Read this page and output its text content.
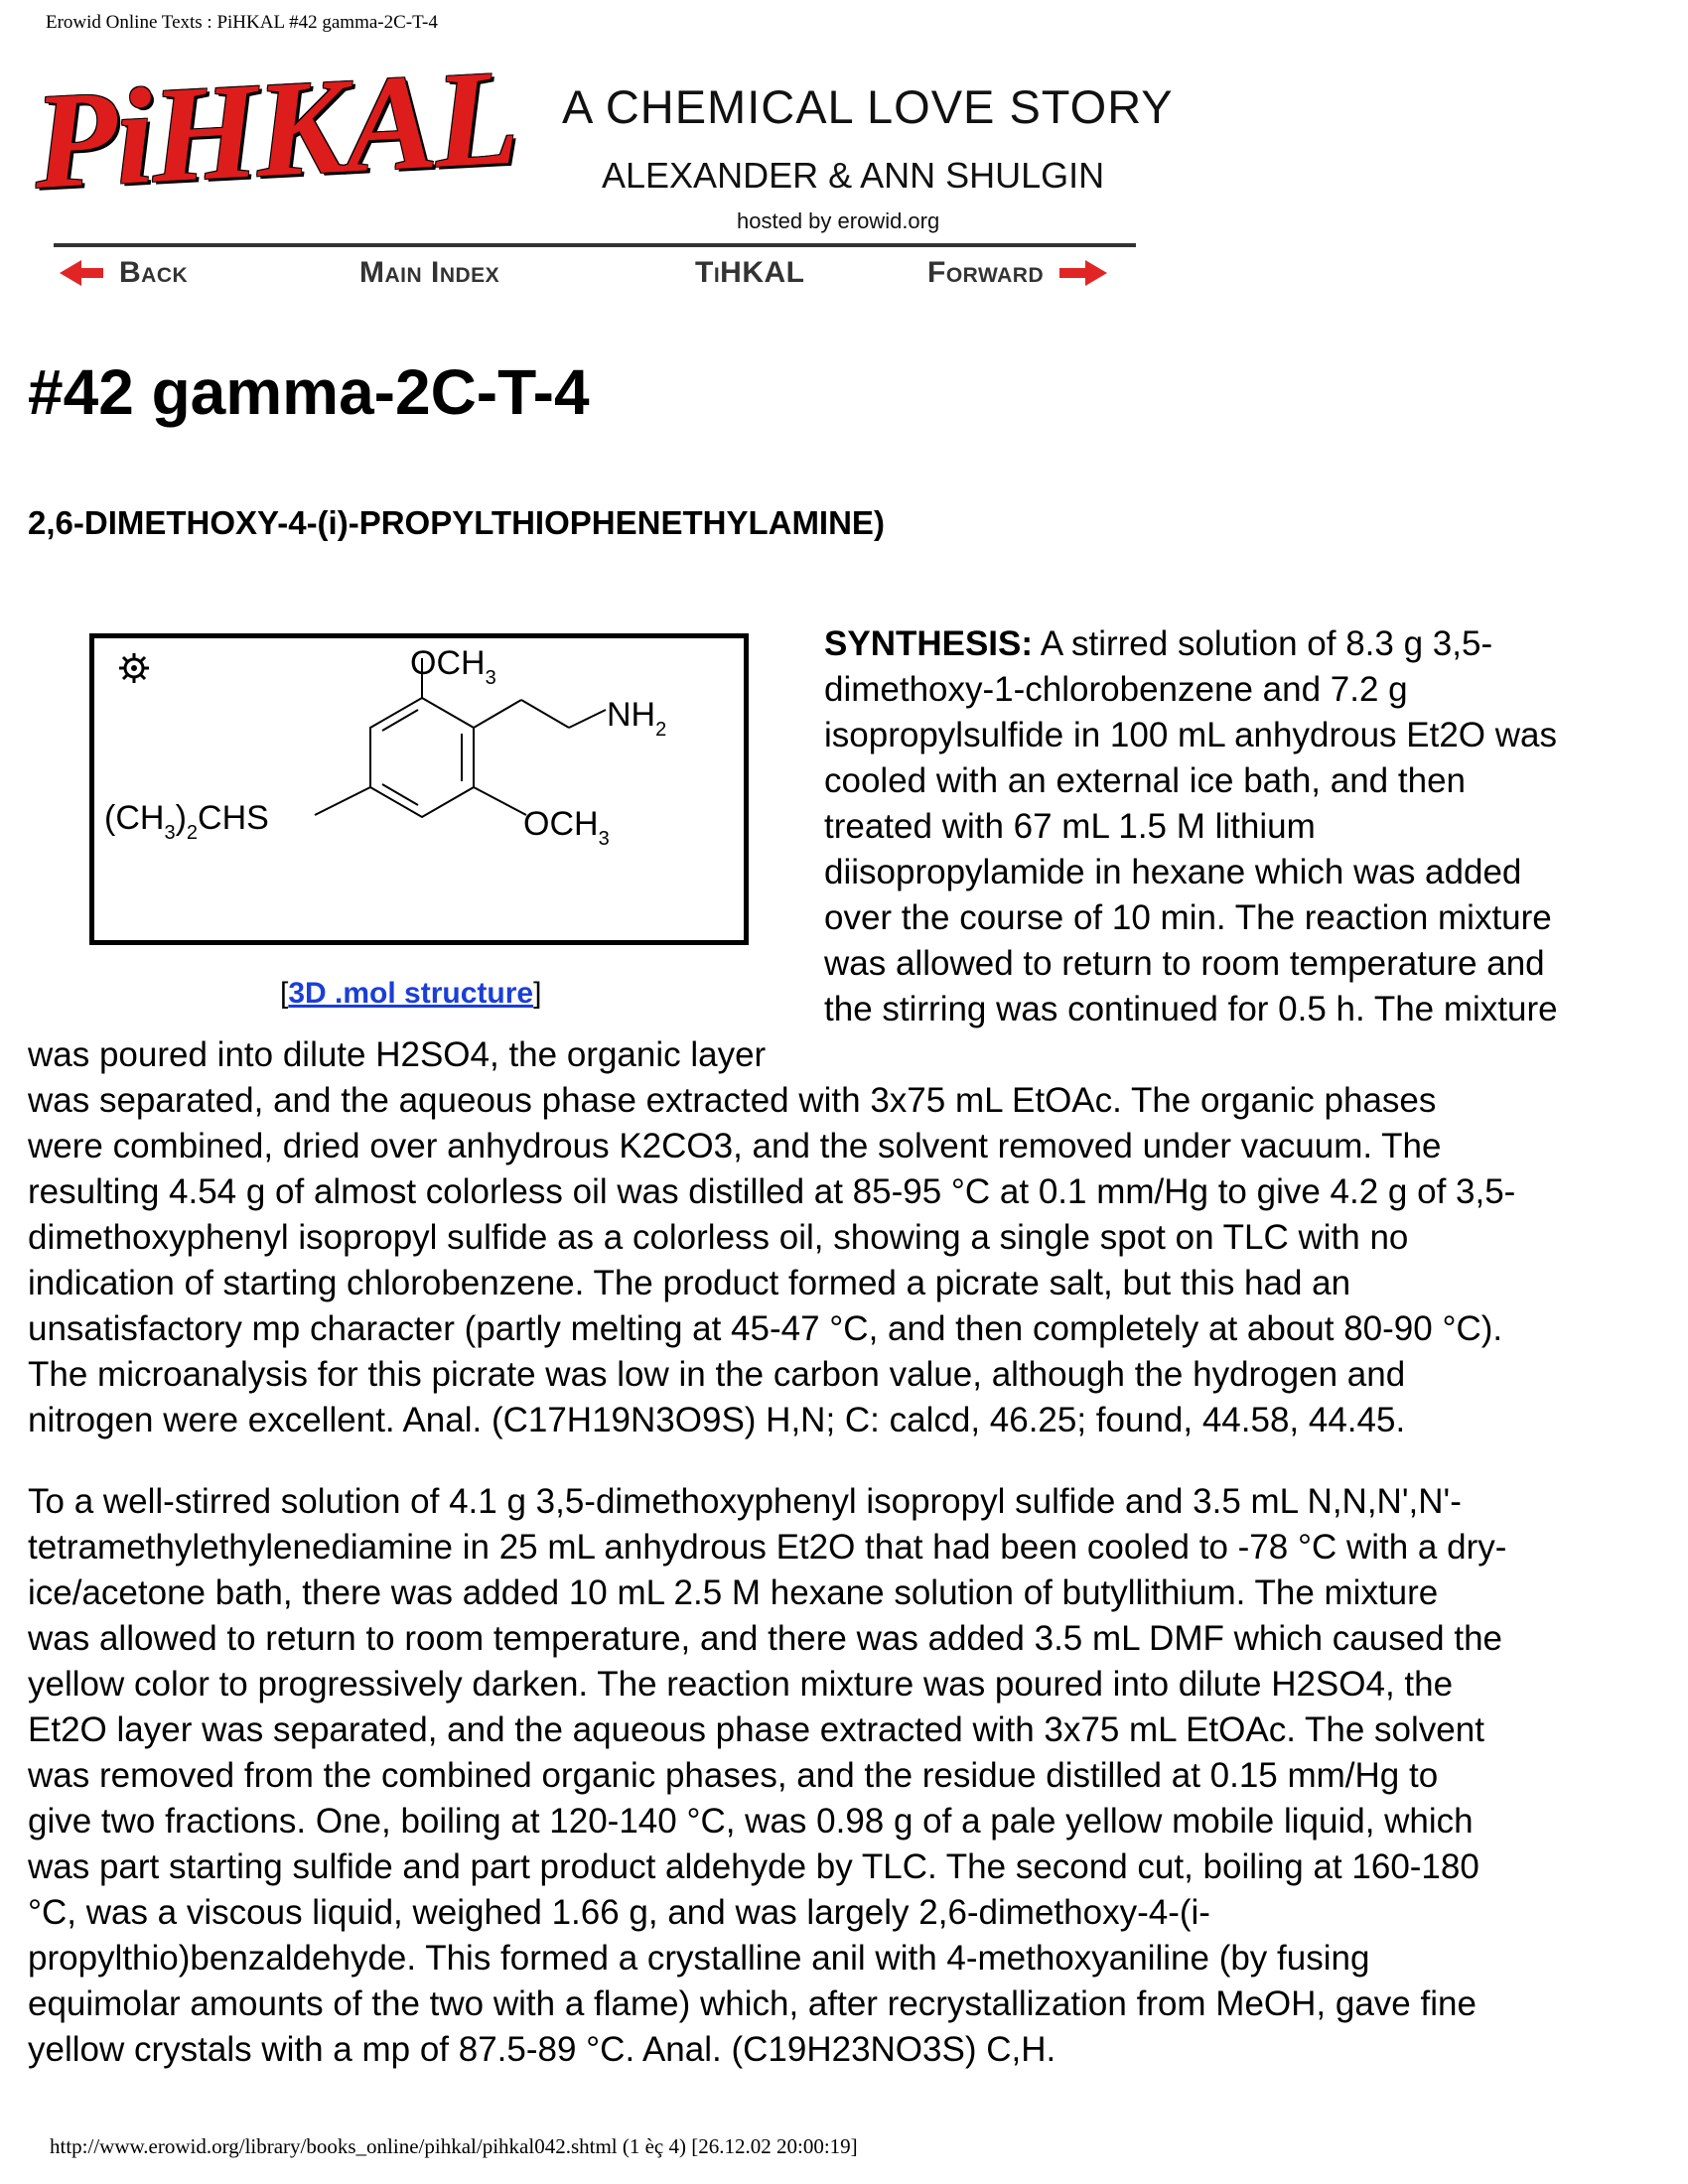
Erowid Online Texts : PiHKAL #42 gamma-2C-T-4
PiHKAL A CHEMICAL LOVE STORY
ALEXANDER & ANN SHULGIN
hosted by erowid.org
Back	Main Index	TiHKAL	Forward
#42 gamma-2C-T-4
2,6-DIMETHOXY-4-(i)-PROPYLTHIOPHENETHYLAMINE)
$OCH_3$
$NH_2$
$OCH_3$
$(CH_3)_2CHS$
[3D .mol structure]
SYNTHESIS: A stirred solution of 8.3 g 3,5-
dimethoxy-1-chlorobenzene and 7.2 g
isopropylsulfide in 100 mL anhydrous Et2O was
cooled with an external ice bath, and then
treated with 67 mL 1.5 M lithium
diisopropylamide in hexane which was added
over the course of 10 min. The reaction mixture
was allowed to return to room temperature and
the stirring was continued for 0.5 h. The mixture
was poured into dilute H2SO4, the organic layer
was separated, and the aqueous phase extracted with 3x75 mL EtOAc. The organic phases
were combined, dried over anhydrous K2CO3, and the solvent removed under vacuum. The
resulting 4.54 g of almost colorless oil was distilled at 85-95 °C at 0.1 mm/Hg to give 4.2 g of 3,5-
dimethoxyphenyl isopropyl sulfide as a colorless oil, showing a single spot on TLC with no
indication of starting chlorobenzene. The product formed a picrate salt, but this had an
unsatisfactory mp character (partly melting at 45-47 °C, and then completely at about 80-90 °C).
The microanalysis for this picrate was low in the carbon value, although the hydrogen and
nitrogen were excellent. Anal. (C17H19N3O9S) H,N; C: calcd, 46.25; found, 44.58, 44.45.
To a well-stirred solution of 4.1 g 3,5-dimethoxyphenyl isopropyl sulfide and 3.5 mL N,N,N',N'-
tetramethylethylenediamine in 25 mL anhydrous Et2O that had been cooled to -78 °C with a dry-
ice/acetone bath, there was added 10 mL 2.5 M hexane solution of butyllithium. The mixture
was allowed to return to room temperature, and there was added 3.5 mL DMF which caused the
yellow color to progressively darken. The reaction mixture was poured into dilute H2SO4, the
Et2O layer was separated, and the aqueous phase extracted with 3x75 mL EtOAc. The solvent
was removed from the combined organic phases, and the residue distilled at 0.15 mm/Hg to
give two fractions. One, boiling at 120-140 °C, was 0.98 g of a pale yellow mobile liquid, which
was part starting sulfide and part product aldehyde by TLC. The second cut, boiling at 160-180
°C, was a viscous liquid, weighed 1.66 g, and was largely 2,6-dimethoxy-4-(i-
propylthio)benzaldehyde. This formed a crystalline anil with 4-methoxyaniline (by fusing
equimolar amounts of the two with a flame) which, after recrystallization from MeOH, gave fine
yellow crystals with a mp of 87.5-89 °C. Anal. (C19H23NO3S) C,H.
http://www.erowid.org/library/books_online/pihkal/pihkal042.shtml (1 èç 4) [26.12.02 20:00:19]
